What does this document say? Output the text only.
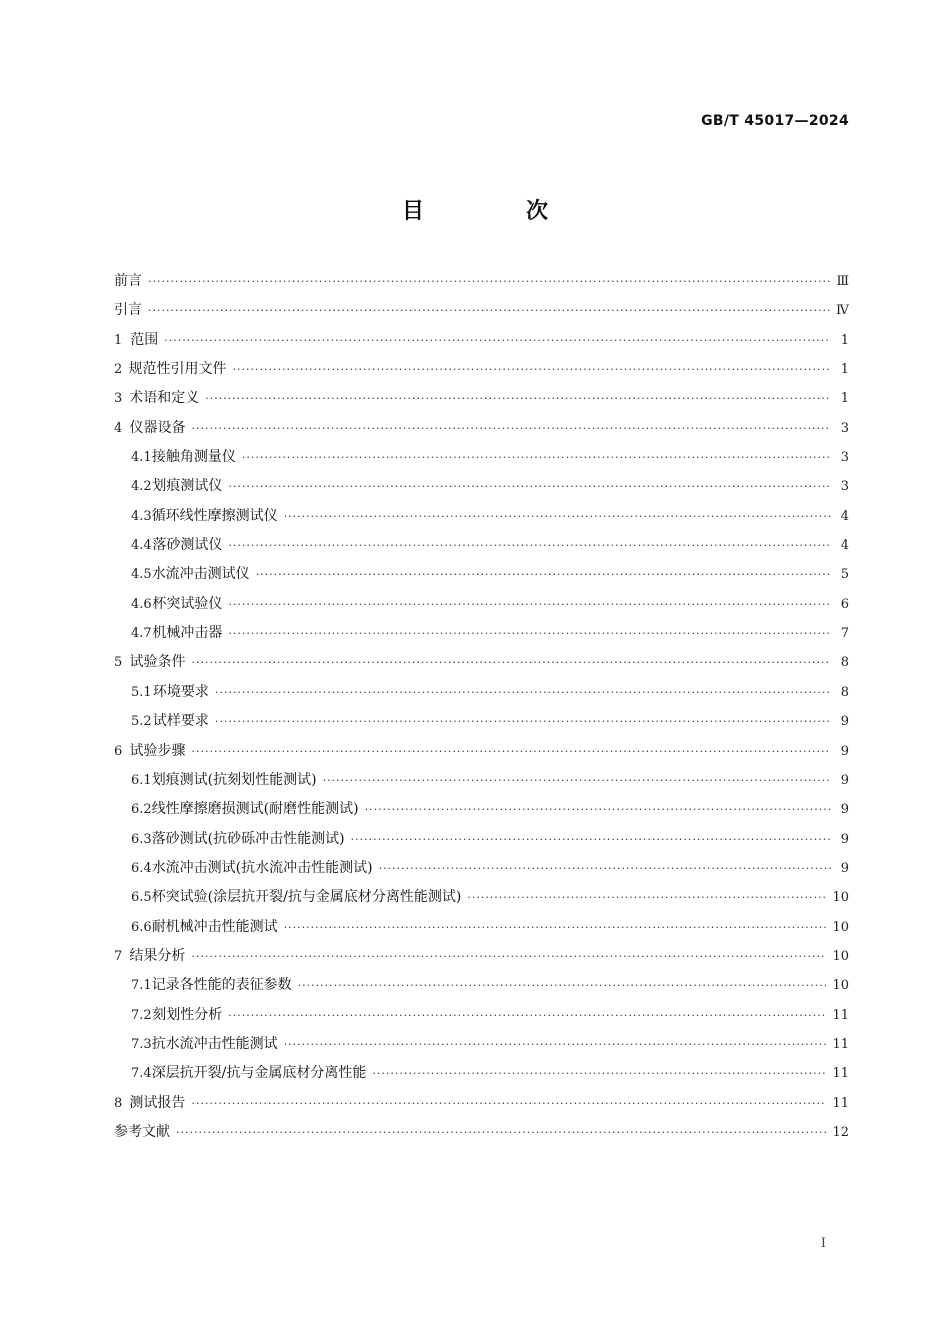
GB/T 45017—2024
目　次
前言 ·····	Ⅲ
引言 ·····	Ⅳ
1 范围 ·····	1
2 规范性引用文件 ·····	1
3 术语和定义 ·····	1
4 仪器设备 ·····	3
4.1 接触角测量仪 ·····	3
4.2 划痕测试仪 ·····	3
4.3 循环线性摩擦测试仪 ·····	4
4.4 落砂测试仪 ·····	4
4.5 水流冲击测试仪 ·····	5
4.6 杯突试验仪 ·····	6
4.7 机械冲击器 ·····	7
5 试验条件 ·····	8
5.1 环境要求 ·····	8
5.2 试样要求 ·····	9
6 试验步骤 ·····	9
6.1 划痕测试(抗刻划性能测试) ·····	9
6.2 线性摩擦磨损测试(耐磨性能测试) ·····	9
6.3 落砂测试(抗砂砾冲击性能测试) ·····	9
6.4 水流冲击测试(抗水流冲击性能测试) ·····	9
6.5 杯突试验(涂层抗开裂/抗与金属底材分离性能测试) ·····	10
6.6 耐机械冲击性能测试 ·····	10
7 结果分析 ·····	10
7.1 记录各性能的表征参数 ·····	10
7.2 刻划性分析 ·····	11
7.3 抗水流冲击性能测试 ·····	11
7.4 深层抗开裂/抗与金属底材分离性能 ·····	11
8 测试报告 ·····	11
参考文献 ·····	12
Ⅰ
